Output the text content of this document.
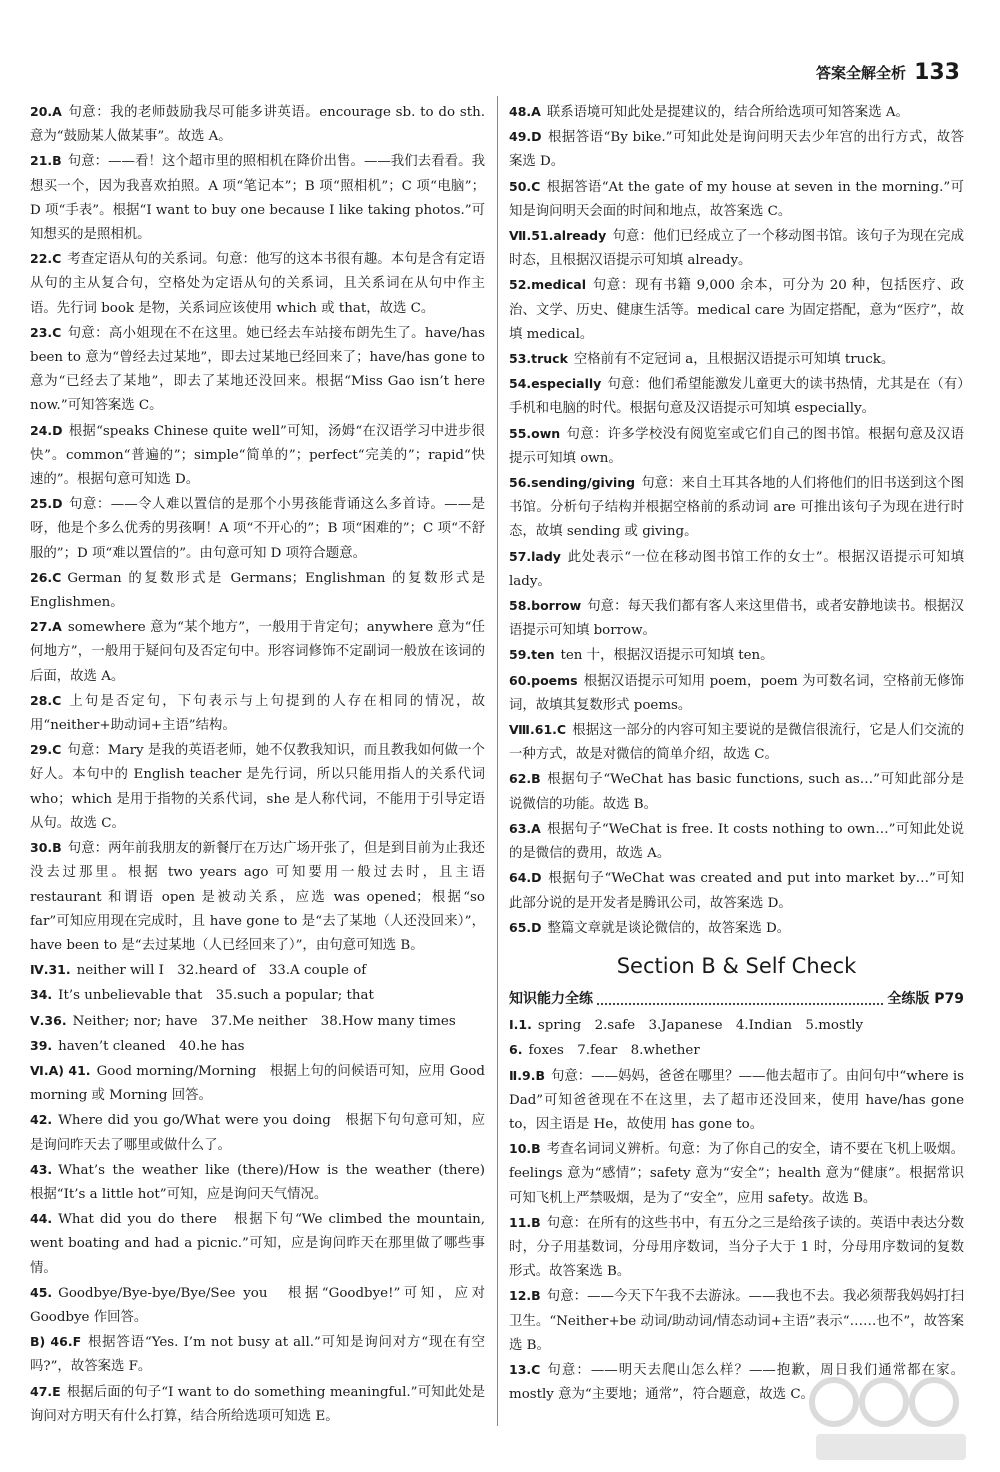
答案全解全析 133

20.A 句意：我的老师鼓励我尽可能多讲英语。encourage sb. to do sth. 意为“鼓励某人做某事”。故选 A。

21.B 句意：——看！这个超市里的照相机在降价出售。——我们去看看。我想买一个，因为我喜欢拍照。A 项“笔记本”；B 项“照相机”；C 项“电脑”；D 项“手表”。根据“I want to buy one because I like taking photos.”可知想买的是照相机。

22.C 考查定语从句的关系词。句意：他写的这本书很有趣。本句是含有定语从句的主从复合句，空格处为定语从句的关系词，且关系词在从句中作主语。先行词 book 是物，关系词应该使用 which 或 that，故选 C。

23.C 句意：高小姐现在不在这里。她已经去车站接布朗先生了。have/has been to 意为“曾经去过某地”，即去过某地已经回来了；have/has gone to 意为“已经去了某地”，即去了某地还没回来。根据“Miss Gao isn’t here now.”可知答案选 C。

24.D 根据“speaks Chinese quite well”可知，汤姆“在汉语学习中进步很快”。common“普遍的”；simple“简单的”；perfect“完美的”；rapid“快速的”。根据句意可知选 D。

25.D 句意：——令人难以置信的是那个小男孩能背诵这么多首诗。——是呀，他是个多么优秀的男孩啊！A 项“不开心的”；B 项“困难的”；C 项“不舒服的”；D 项“难以置信的”。由句意可知 D 项符合题意。

26.C German 的复数形式是 Germans；Englishman 的复数形式是 Englishmen。

27.A somewhere 意为“某个地方”，一般用于肯定句；anywhere 意为“任何地方”，一般用于疑问句及否定句中。形容词修饰不定副词一般放在该词的后面，故选 A。

28.C 上句是否定句，下句表示与上句提到的人存在相同的情况，故用“neither+助动词+主语”结构。

29.C 句意：Mary 是我的英语老师，她不仅教我知识，而且教我如何做一个好人。本句中的 English teacher 是先行词，所以只能用指人的关系代词 who；which 是用于指物的关系代词，she 是人称代词，不能用于引导定语从句。故选 C。

30.B 句意：两年前我朋友的新餐厅在万达广场开张了，但是到目前为止我还没去过那里。根据 two years ago 可知要用一般过去时，且主语 restaurant 和谓语 open 是被动关系，应选 was opened；根据“so far”可知应用现在完成时，且 have gone to 是“去了某地（人还没回来）”，have been to 是“去过某地（人已经回来了）”，由句意可知选 B。

Ⅳ.31. neither will I　32.heard of　33.A couple of

34. It’s unbelievable that　35.such a popular; that

Ⅴ.36. Neither; nor; have　37.Me neither　38.How many times

39. haven’t cleaned　40.he has

Ⅵ.A) 41. Good morning/Morning　根据上句的问候语可知，应用 Good morning 或 Morning 回答。

42. Where did you go/What were you doing　根据下句句意可知，应是询问昨天去了哪里或做什么了。

43. What’s the weather like (there)/How is the weather (there)　根据“It’s a little hot”可知，应是询问天气情况。

44. What did you do there　根据下句“We climbed the mountain, went boating and had a picnic.”可知，应是询问昨天在那里做了哪些事情。

45. Goodbye/Bye-bye/Bye/See you　根据“Goodbye!”可知，应对 Goodbye 作回答。

B) 46.F 根据答语“Yes. I’m not busy at all.”可知是询问对方“现在有空吗?”，故答案选 F。

47.E 根据后面的句子“I want to do something meaningful.”可知此处是询问对方明天有什么打算，结合所给选项可知选 E。

48.A 联系语境可知此处是提建议的，结合所给选项可知答案选 A。

49.D 根据答语“By bike.”可知此处是询问明天去少年宫的出行方式，故答案选 D。

50.C 根据答语“At the gate of my house at seven in the morning.”可知是询问明天会面的时间和地点，故答案选 C。

Ⅶ.51.already 句意：他们已经成立了一个移动图书馆。该句子为现在完成时态，且根据汉语提示可知填 already。

52.medical 句意：现有书籍 9,000 余本，可分为 20 种，包括医疗、政治、文学、历史、健康生活等。medical care 为固定搭配，意为“医疗”，故填 medical。

53.truck 空格前有不定冠词 a，且根据汉语提示可知填 truck。

54.especially 句意：他们希望能激发儿童更大的读书热情，尤其是在（有）手机和电脑的时代。根据句意及汉语提示可知填 especially。

55.own 句意：许多学校没有阅览室或它们自己的图书馆。根据句意及汉语提示可知填 own。

56.sending/giving 句意：来自土耳其各地的人们将他们的旧书送到这个图书馆。分析句子结构并根据空格前的系动词 are 可推出该句子为现在进行时态，故填 sending 或 giving。

57.lady 此处表示“一位在移动图书馆工作的女士”。根据汉语提示可知填 lady。

58.borrow 句意：每天我们都有客人来这里借书，或者安静地读书。根据汉语提示可知填 borrow。

59.ten ten 十，根据汉语提示可知填 ten。

60.poems 根据汉语提示可知用 poem，poem 为可数名词，空格前无修饰词，故填其复数形式 poems。

Ⅷ.61.C 根据这一部分的内容可知主要说的是微信很流行，它是人们交流的一种方式，故是对微信的简单介绍，故选 C。

62.B 根据句子“WeChat has basic functions, such as…”可知此部分是说微信的功能。故选 B。

63.A 根据句子“WeChat is free. It costs nothing to own…”可知此处说的是微信的费用，故选 A。

64.D 根据句子“WeChat was created and put into market by…”可知此部分说的是开发者是腾讯公司，故答案选 D。

65.D 整篇文章就是谈论微信的，故答案选 D。

Section B & Self Check
知识能力全练	全练版 P79

Ⅰ.1. spring　2.safe　3.Japanese　4.Indian　5.mostly

6. foxes　7.fear　8.whether

Ⅱ.9.B 句意：——妈妈，爸爸在哪里？——他去超市了。由问句中“where is Dad”可知爸爸现在不在这里，去了超市还没回来，使用 have/has gone to，因主语是 He，故使用 has gone to。

10.B 考查名词词义辨析。句意：为了你自己的安全，请不要在飞机上吸烟。feelings 意为“感情”；safety 意为“安全”；health 意为“健康”。根据常识可知飞机上严禁吸烟，是为了“安全”，应用 safety。故选 B。

11.B 句意：在所有的这些书中，有五分之三是给孩子读的。英语中表达分数时，分子用基数词，分母用序数词，当分子大于 1 时，分母用序数词的复数形式。故答案选 B。

12.B 句意：——今天下午我不去游泳。——我也不去。我必须帮我妈妈打扫卫生。“Neither+be 动词/助动词/情态动词+主语”表示“……也不”，故答案选 B。

13.C 句意：——明天去爬山怎么样？——抱歉，周日我们通常都在家。mostly 意为“主要地；通常”，符合题意，故选 C。
